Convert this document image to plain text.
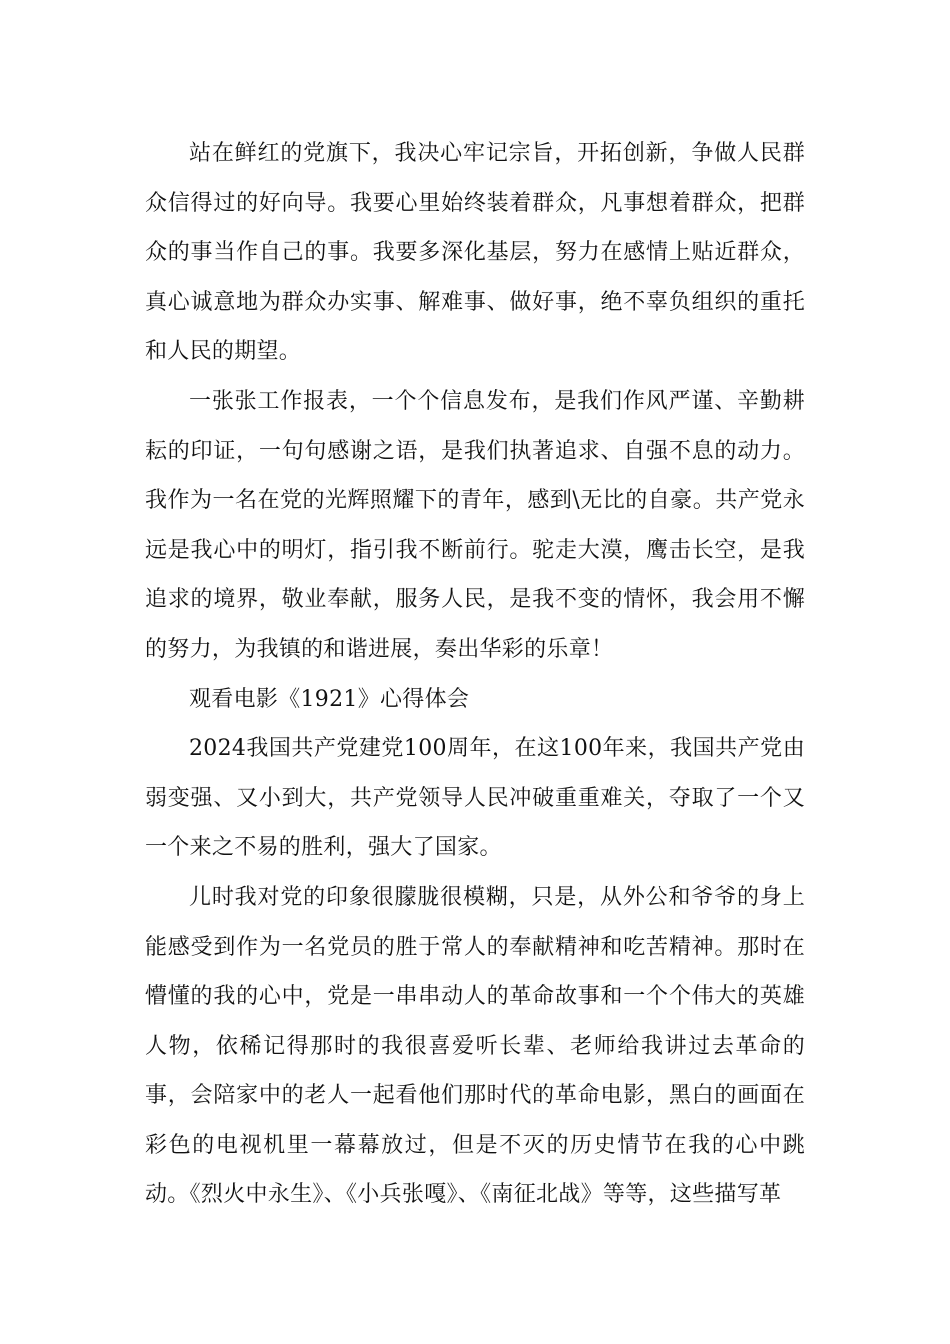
站在鲜红的党旗下，我决心牢记宗旨，开拓创新，争做人民群众信得过的好向导。我要心里始终装着群众，凡事想着群众，把群众的事当作自己的事。我要多深化基层，努力在感情上贴近群众，真心诚意地为群众办实事、解难事、做好事，绝不辜负组织的重托和人民的期望。

一张张工作报表，一个个信息发布，是我们作风严谨、辛勤耕耘的印证，一句句感谢之语，是我们执著追求、自强不息的动力。我作为一名在党的光辉照耀下的青年，感到\无比的自豪。共产党永远是我心中的明灯，指引我不断前行。驼走大漠，鹰击长空，是我追求的境界，敬业奉献，服务人民，是我不变的情怀，我会用不懈的努力，为我镇的和谐进展，奏出华彩的乐章！

观看电影《1921》心得体会

2024我国共产党建党100周年，在这100年来，我国共产党由弱变强、又小到大，共产党领导人民冲破重重难关，夺取了一个又一个来之不易的胜利，强大了国家。

儿时我对党的印象很朦胧很模糊，只是，从外公和爷爷的身上能感受到作为一名党员的胜于常人的奉献精神和吃苦精神。那时在懵懂的我的心中，党是一串串动人的革命故事和一个个伟大的英雄人物，依稀记得那时的我很喜爱听长辈、老师给我讲过去革命的事，会陪家中的老人一起看他们那时代的革命电影，黑白的画面在彩色的电视机里一幕幕放过，但是不灭的历史情节在我的心中跳动。《烈火中永生》、《小兵张嘎》、《南征北战》等等，这些描写革
